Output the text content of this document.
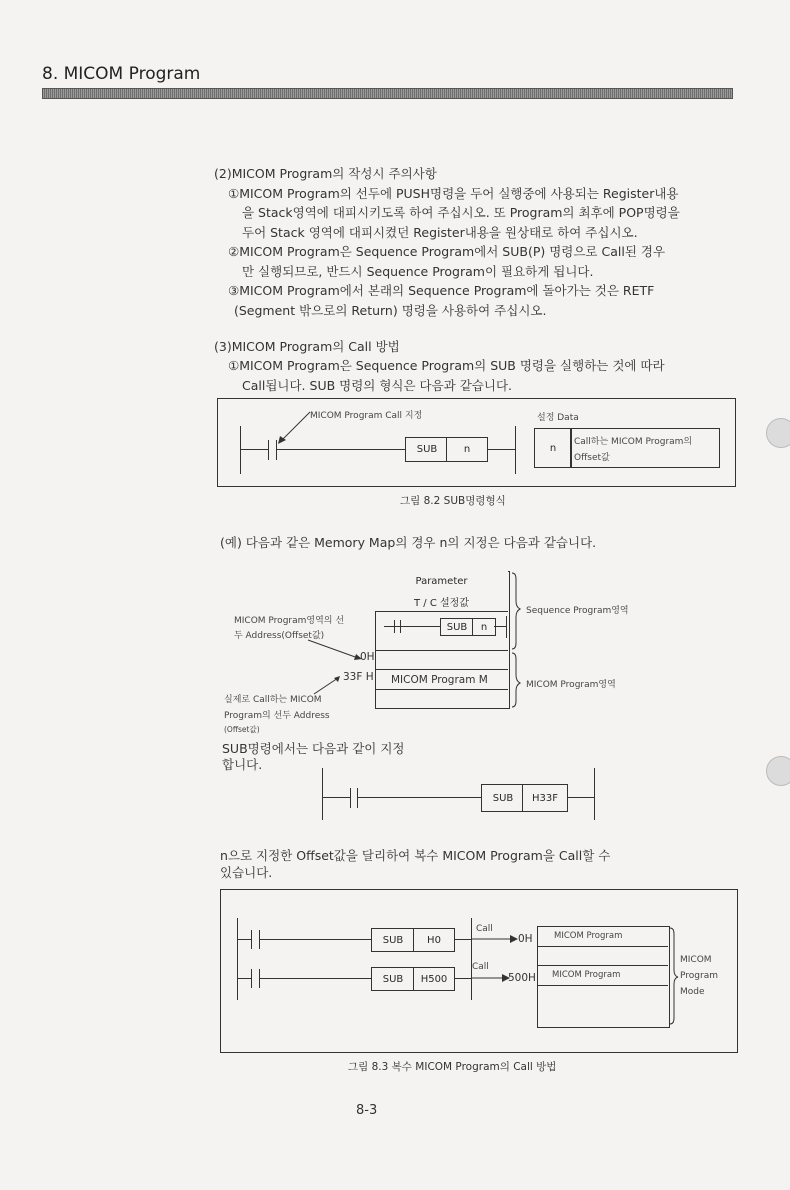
8. MICOM Program
(2)MICOM Program의 작성시 주의사항
①MICOM Program의 선두에 PUSH명령을 두어 실행중에 사용되는 Register내용
을 Stack영역에 대피시키도록 하여 주십시오. 또 Program의 최후에 POP명령을
두어 Stack 영역에 대피시켰던 Register내용을 원상태로 하여 주십시오.
②MICOM Program은 Sequence Program에서 SUB(P) 명령으로 Call된 경우
만 실행되므로, 반드시 Sequence Program이 필요하게 됩니다.
③MICOM Program에서 본래의 Sequence Program에 돌아가는 것은 RETF
(Segment 밖으로의 Return) 명령을 사용하여 주십시오.
(3)MICOM Program의 Call 방법
①MICOM Program은 Sequence Program의 SUB 명령을 실행하는 것에 따라
Call됩니다. SUB 명령의 형식은 다음과 같습니다.
SUB	n
MICOM Program Call 지정	설정 Data
n
Call하는 MICOM Program의
Offset값
그림 8.2 SUB명령형식
(예) 다음과 같은 Memory Map의 경우 n의 지정은 다음과 같습니다.
Parameter
T / C 설정값
MICOM Program M
SUB	n
Sequence Program영역
MICOM Program영역
MICOM Program영역의 선
두 Address(Offset값)
0H
33F H
실제로 Call하는 MICOM
Program의 선두 Address
(Offset값)
SUB명령에서는 다음과 같이 지정
합니다.
SUB	H33F
n으로 지정한 Offset값을 달리하여 복수 MICOM Program을 Call할 수
있습니다.
SUB	H0
SUB	H500
Call
Call
0H
500H
MICOM Program
MICOM Program
MICOM
Program
Mode
그림 8.3 복수 MICOM Program의 Call 방법
8-3
